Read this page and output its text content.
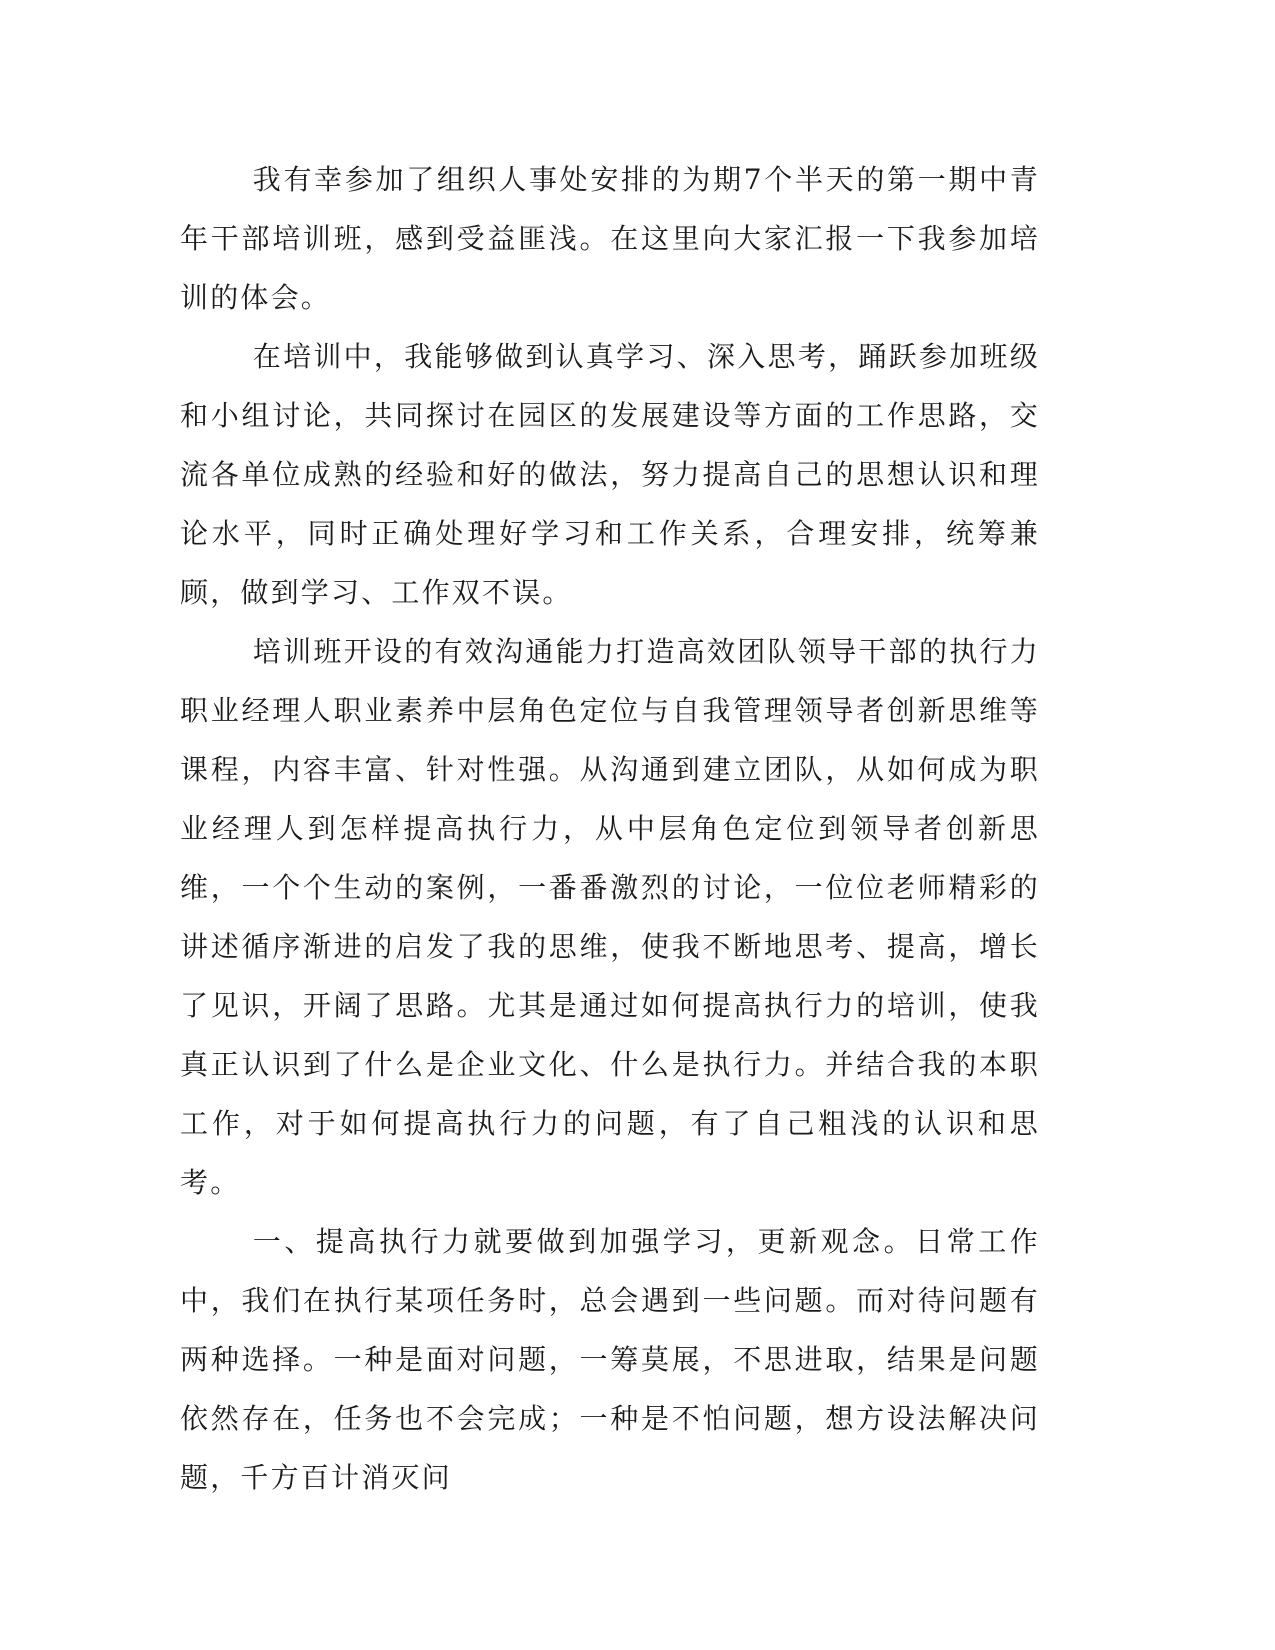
我有幸参加了组织人事处安排的为期7个半天的第一期中青年干部培训班，感到受益匪浅。在这里向大家汇报一下我参加培训的体会。

在培训中，我能够做到认真学习、深入思考，踊跃参加班级和小组讨论，共同探讨在园区的发展建设等方面的工作思路，交流各单位成熟的经验和好的做法，努力提高自己的思想认识和理论水平，同时正确处理好学习和工作关系，合理安排，统筹兼顾，做到学习、工作双不误。

培训班开设的有效沟通能力打造高效团队领导干部的执行力职业经理人职业素养中层角色定位与自我管理领导者创新思维等课程，内容丰富、针对性强。从沟通到建立团队，从如何成为职业经理人到怎样提高执行力，从中层角色定位到领导者创新思维，一个个生动的案例，一番番激烈的讨论，一位位老师精彩的讲述循序渐进的启发了我的思维，使我不断地思考、提高，增长了见识，开阔了思路。尤其是通过如何提高执行力的培训，使我真正认识到了什么是企业文化、什么是执行力。并结合我的本职工作，对于如何提高执行力的问题，有了自己粗浅的认识和思考。

一、提高执行力就要做到加强学习，更新观念。日常工作中，我们在执行某项任务时，总会遇到一些问题。而对待问题有两种选择。一种是面对问题，一筹莫展，不思进取，结果是问题依然存在，任务也不会完成；一种是不怕问题，想方设法解决问题，千方百计消灭问
